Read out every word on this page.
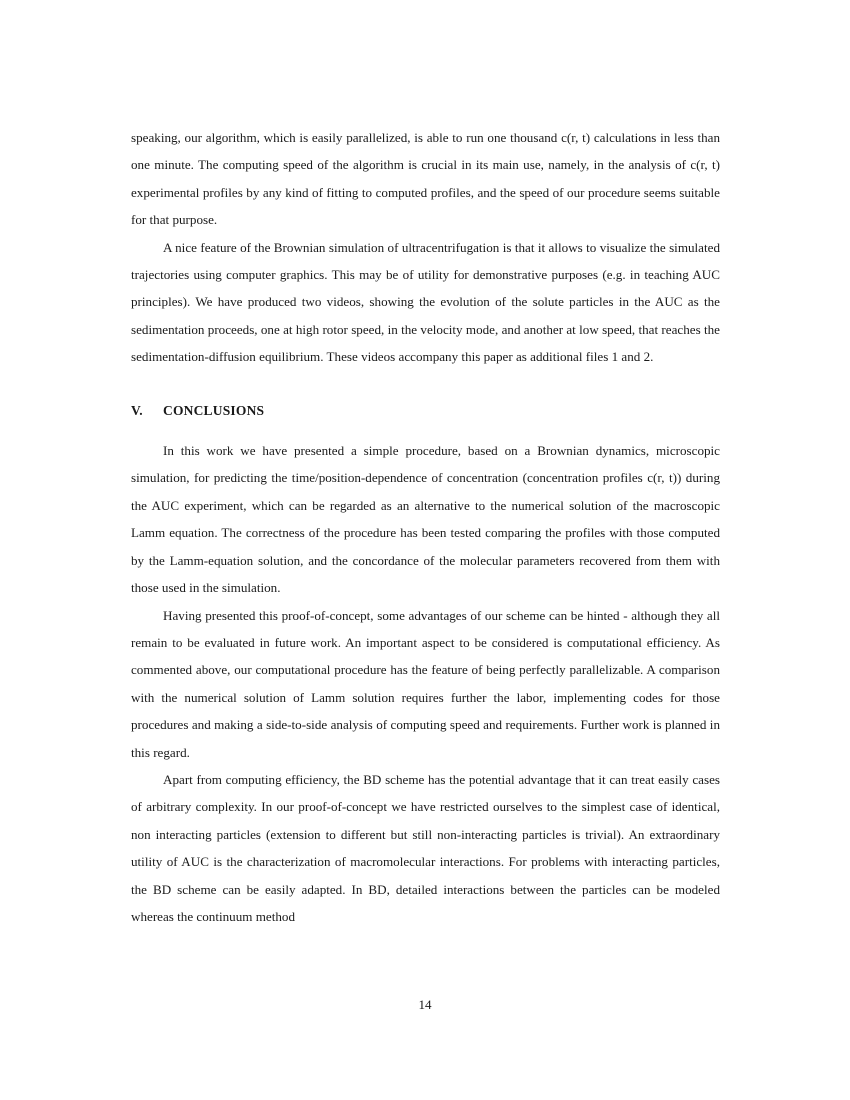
speaking, our algorithm, which is easily parallelized, is able to run one thousand c(r, t) calculations in less than one minute. The computing speed of the algorithm is crucial in its main use, namely, in the analysis of c(r, t) experimental profiles by any kind of fitting to computed profiles, and the speed of our procedure seems suitable for that purpose.

A nice feature of the Brownian simulation of ultracentrifugation is that it allows to visualize the simulated trajectories using computer graphics. This may be of utility for demonstrative purposes (e.g. in teaching AUC principles). We have produced two videos, showing the evolution of the solute particles in the AUC as the sedimentation proceeds, one at high rotor speed, in the velocity mode, and another at low speed, that reaches the sedimentation-diffusion equilibrium. These videos accompany this paper as additional files 1 and 2.

V. CONCLUSIONS

In this work we have presented a simple procedure, based on a Brownian dynamics, microscopic simulation, for predicting the time/position-dependence of concentration (concentration profiles c(r, t)) during the AUC experiment, which can be regarded as an alternative to the numerical solution of the macroscopic Lamm equation. The correctness of the procedure has been tested comparing the profiles with those computed by the Lamm-equation solution, and the concordance of the molecular parameters recovered from them with those used in the simulation.

Having presented this proof-of-concept, some advantages of our scheme can be hinted - although they all remain to be evaluated in future work. An important aspect to be considered is computational efficiency. As commented above, our computational procedure has the feature of being perfectly parallelizable. A comparison with the numerical solution of Lamm solution requires further the labor, implementing codes for those procedures and making a side-to-side analysis of computing speed and requirements. Further work is planned in this regard.

Apart from computing efficiency, the BD scheme has the potential advantage that it can treat easily cases of arbitrary complexity. In our proof-of-concept we have restricted ourselves to the simplest case of identical, non interacting particles (extension to different but still non-interacting particles is trivial). An extraordinary utility of AUC is the characterization of macromolecular interactions. For problems with interacting particles, the BD scheme can be easily adapted. In BD, detailed interactions between the particles can be modeled whereas the continuum method

14
